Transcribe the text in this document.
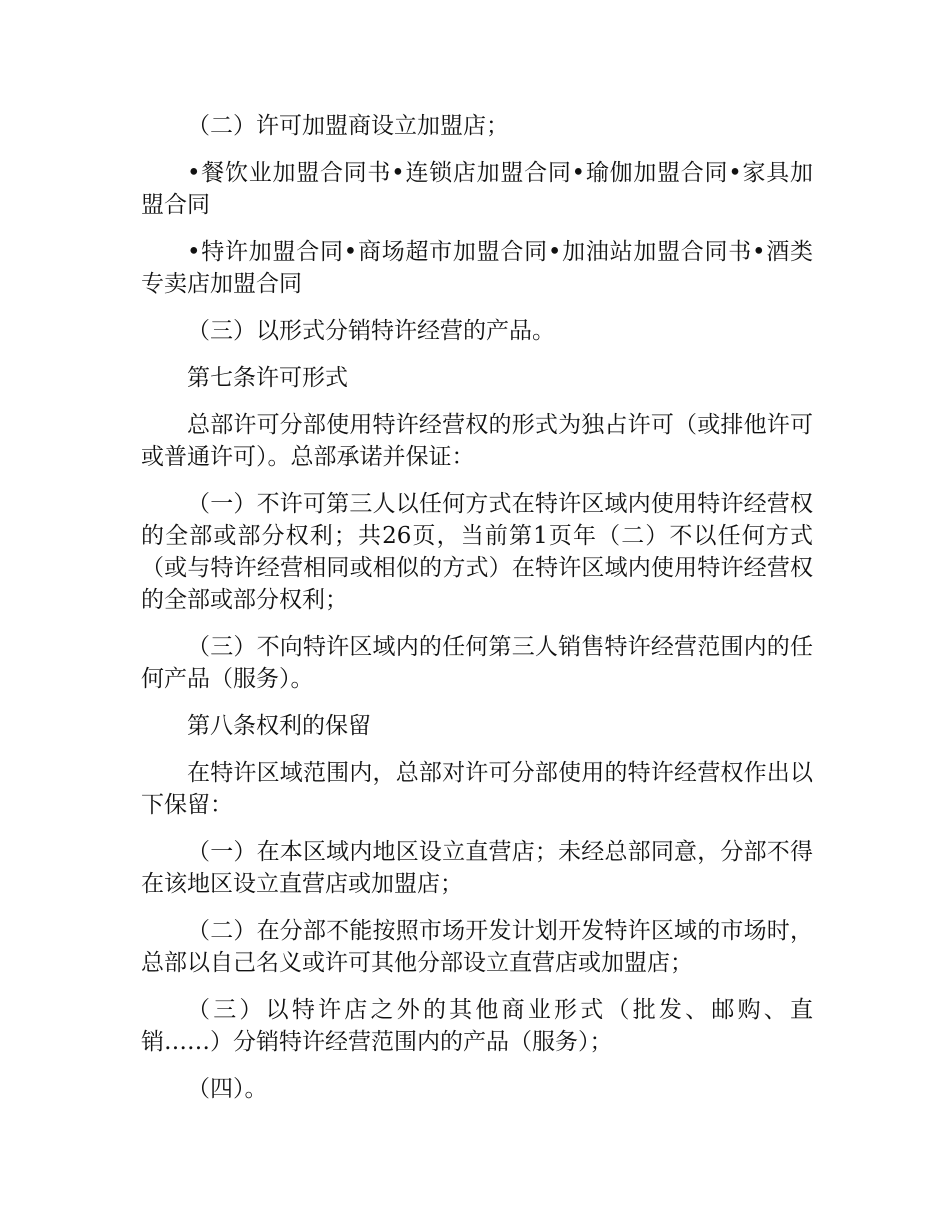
（二）许可加盟商设立加盟店；

•餐饮业加盟合同书•连锁店加盟合同•瑜伽加盟合同•家具加盟合同

•特许加盟合同•商场超市加盟合同•加油站加盟合同书•酒类专卖店加盟合同

（三）以形式分销特许经营的产品。

第七条许可形式

总部许可分部使用特许经营权的形式为独占许可（或排他许可或普通许可）。总部承诺并保证：

（一）不许可第三人以任何方式在特许区域内使用特许经营权的全部或部分权利；共26页，当前第1页年（二）不以任何方式（或与特许经营相同或相似的方式）在特许区域内使用特许经营权的全部或部分权利；

（三）不向特许区域内的任何第三人销售特许经营范围内的任何产品（服务）。

第八条权利的保留

在特许区域范围内，总部对许可分部使用的特许经营权作出以下保留：

（一）在本区域内地区设立直营店；未经总部同意，分部不得在该地区设立直营店或加盟店；

（二）在分部不能按照市场开发计划开发特许区域的市场时，总部以自己名义或许可其他分部设立直营店或加盟店；

（三）以特许店之外的其他商业形式（批发、邮购、直销……）分销特许经营范围内的产品（服务）；

（四）。
